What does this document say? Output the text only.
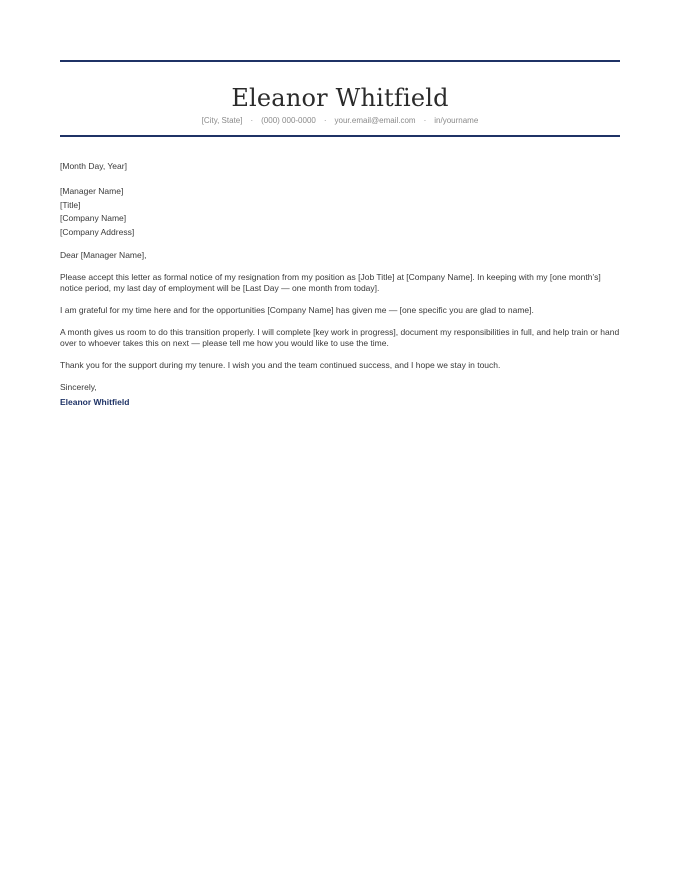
Eleanor Whitfield
[City, State] · (000) 000-0000 · your.email@email.com · in/yourname
[Month Day, Year]
[Manager Name]
[Title]
[Company Name]
[Company Address]
Dear [Manager Name],
Please accept this letter as formal notice of my resignation from my position as [Job Title] at [Company Name]. In keeping with my [one month’s] notice period, my last day of employment will be [Last Day — one month from today].
I am grateful for my time here and for the opportunities [Company Name] has given me — [one specific you are glad to name].
A month gives us room to do this transition properly. I will complete [key work in progress], document my responsibilities in full, and help train or hand over to whoever takes this on next — please tell me how you would like to use the time.
Thank you for the support during my tenure. I wish you and the team continued success, and I hope we stay in touch.
Sincerely,
Eleanor Whitfield
